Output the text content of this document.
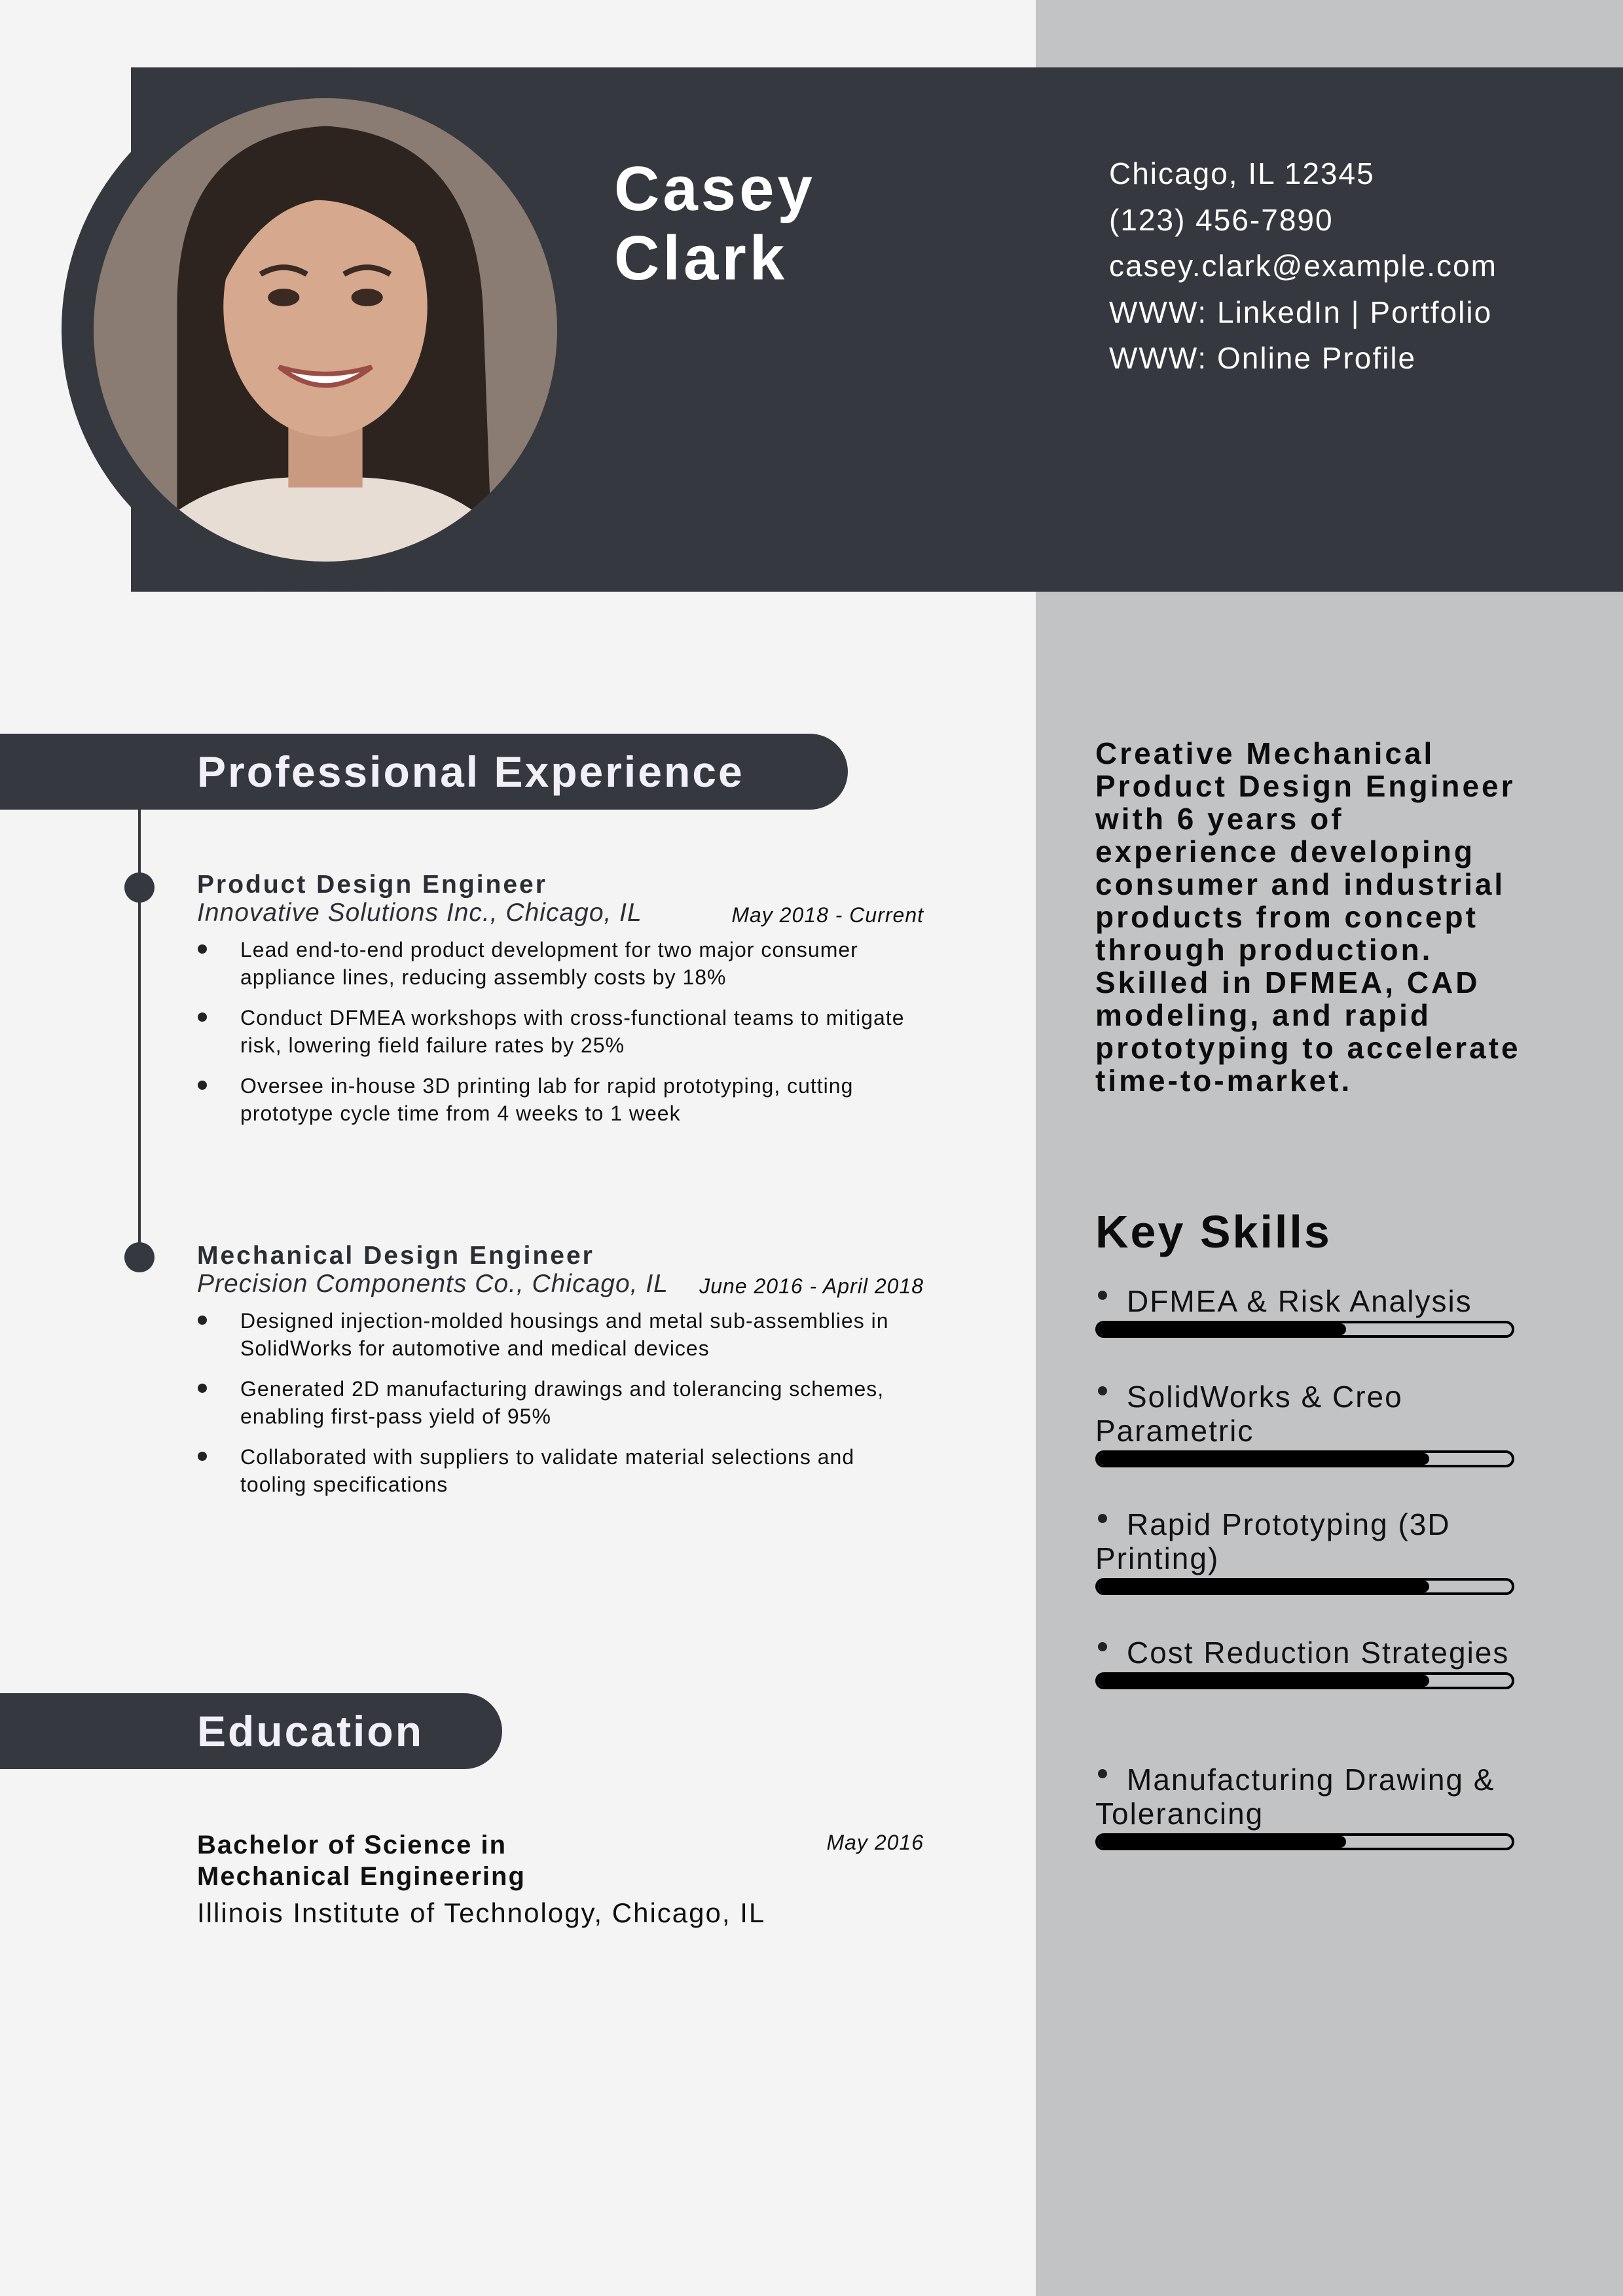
Casey
Clark
Chicago, IL 12345
(123) 456-7890
casey.clark@example.com
WWW: LinkedIn | Portfolio
WWW: Online Profile
Professional Experience
Product Design Engineer
Innovative Solutions Inc., Chicago, IL	May 2018 - Current
Lead end-to-end product development for two major consumer appliance lines, reducing assembly costs by 18%
Conduct DFMEA workshops with cross-functional teams to mitigate risk, lowering field failure rates by 25%
Oversee in-house 3D printing lab for rapid prototyping, cutting prototype cycle time from 4 weeks to 1 week
Mechanical Design Engineer
Precision Components Co., Chicago, IL June 2016 - April 2018
Designed injection-molded housings and metal sub-assemblies in SolidWorks for automotive and medical devices
Generated 2D manufacturing drawings and tolerancing schemes, enabling first-pass yield of 95%
Collaborated with suppliers to validate material selections and tooling specifications
Education
Bachelor of Science in Mechanical Engineering
May 2016
Illinois Institute of Technology, Chicago, IL
Creative Mechanical Product Design Engineer with 6 years of experience developing consumer and industrial products from concept through production. Skilled in DFMEA, CAD modeling, and rapid prototyping to accelerate time-to-market.
Key Skills
DFMEA & Risk Analysis
SolidWorks & Creo Parametric
Rapid Prototyping (3D Printing)
Cost Reduction Strategies
Manufacturing Drawing & Tolerancing
